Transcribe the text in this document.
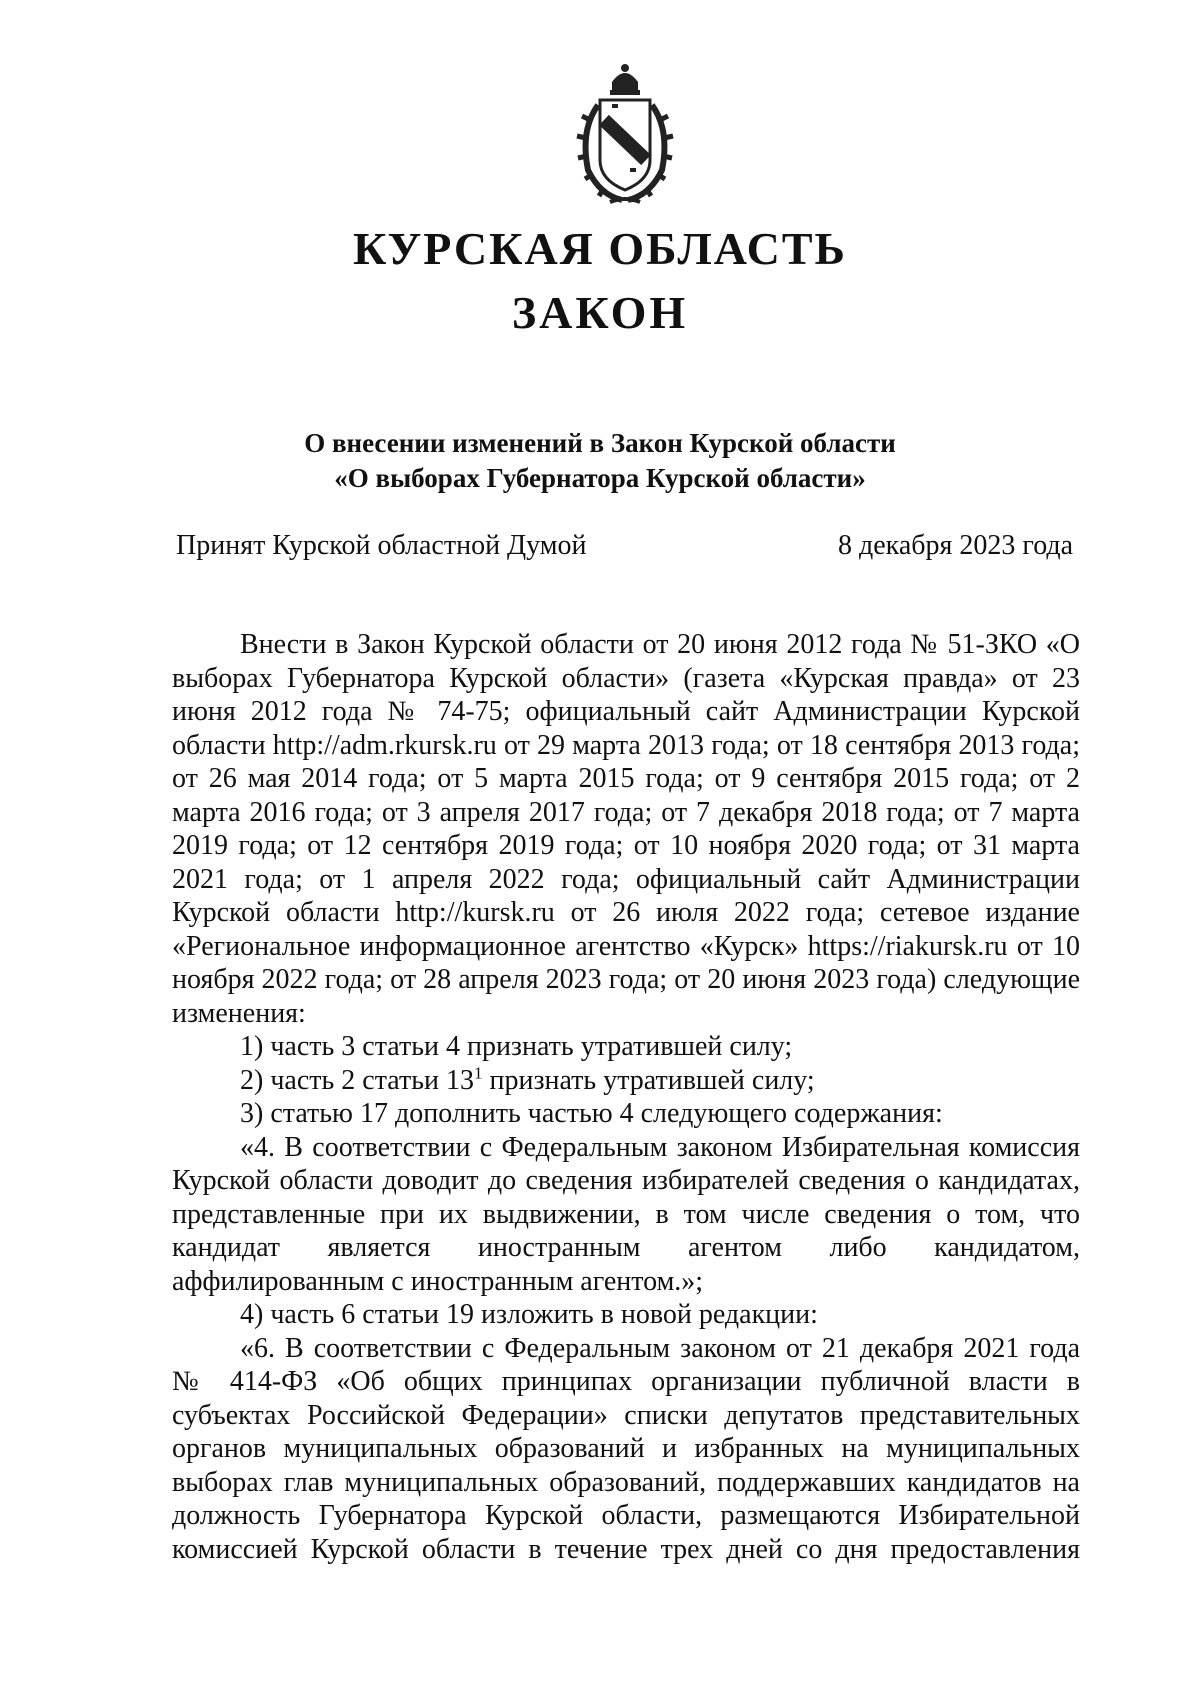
КУРСКАЯ ОБЛАСТЬ
ЗАКОН
О внесении изменений в Закон Курской области
«О выборах Губернатора Курской области»
Принят Курской областной Думой	8 декабря 2023 года

Внести в Закон Курской области от 20 июня 2012 года № 51-ЗКО «О выборах Губернатора Курской области» (газета «Курская правда» от 23 июня 2012 года № 74-75; официальный сайт Администрации Курской области http://adm.rkursk.ru от 29 марта 2013 года; от 18 сентября 2013 года; от 26 мая 2014 года; от 5 марта 2015 года; от 9 сентября 2015 года; от 2 марта 2016 года; от 3 апреля 2017 года; от 7 декабря 2018 года; от 7 марта 2019 года; от 12 сентября 2019 года; от 10 ноября 2020 года; от 31 марта 2021 года; от 1 апреля 2022 года; официальный сайт Администрации Курской области http://kursk.ru от 26 июля 2022 года; сетевое издание «Региональное информационное агентство «Курск» https://riakursk.ru от 10 ноября 2022 года; от 28 апреля 2023 года; от 20 июня 2023 года) следующие изменения:

1) часть 3 статьи 4 признать утратившей силу;

2) часть 2 статьи $13^1$ признать утратившей силу;

3) статью 17 дополнить частью 4 следующего содержания:

«4. В соответствии с Федеральным законом Избирательная комиссия Курской области доводит до сведения избирателей сведения о кандидатах, представленные при их выдвижении, в том числе сведения о том, что кандидат является иностранным агентом либо кандидатом, аффилированным с иностранным агентом.»;

4) часть 6 статьи 19 изложить в новой редакции:

«6. В соответствии с Федеральным законом от 21 декабря 2021 года № 414-ФЗ «Об общих принципах организации публичной власти в субъектах Российской Федерации» списки депутатов представительных органов муниципальных образований и избранных на муниципальных выборах глав муниципальных образований, поддержавших кандидатов на должность Губернатора Курской области, размещаются Избирательной комиссией Курской области в течение трех дней со дня предоставления
